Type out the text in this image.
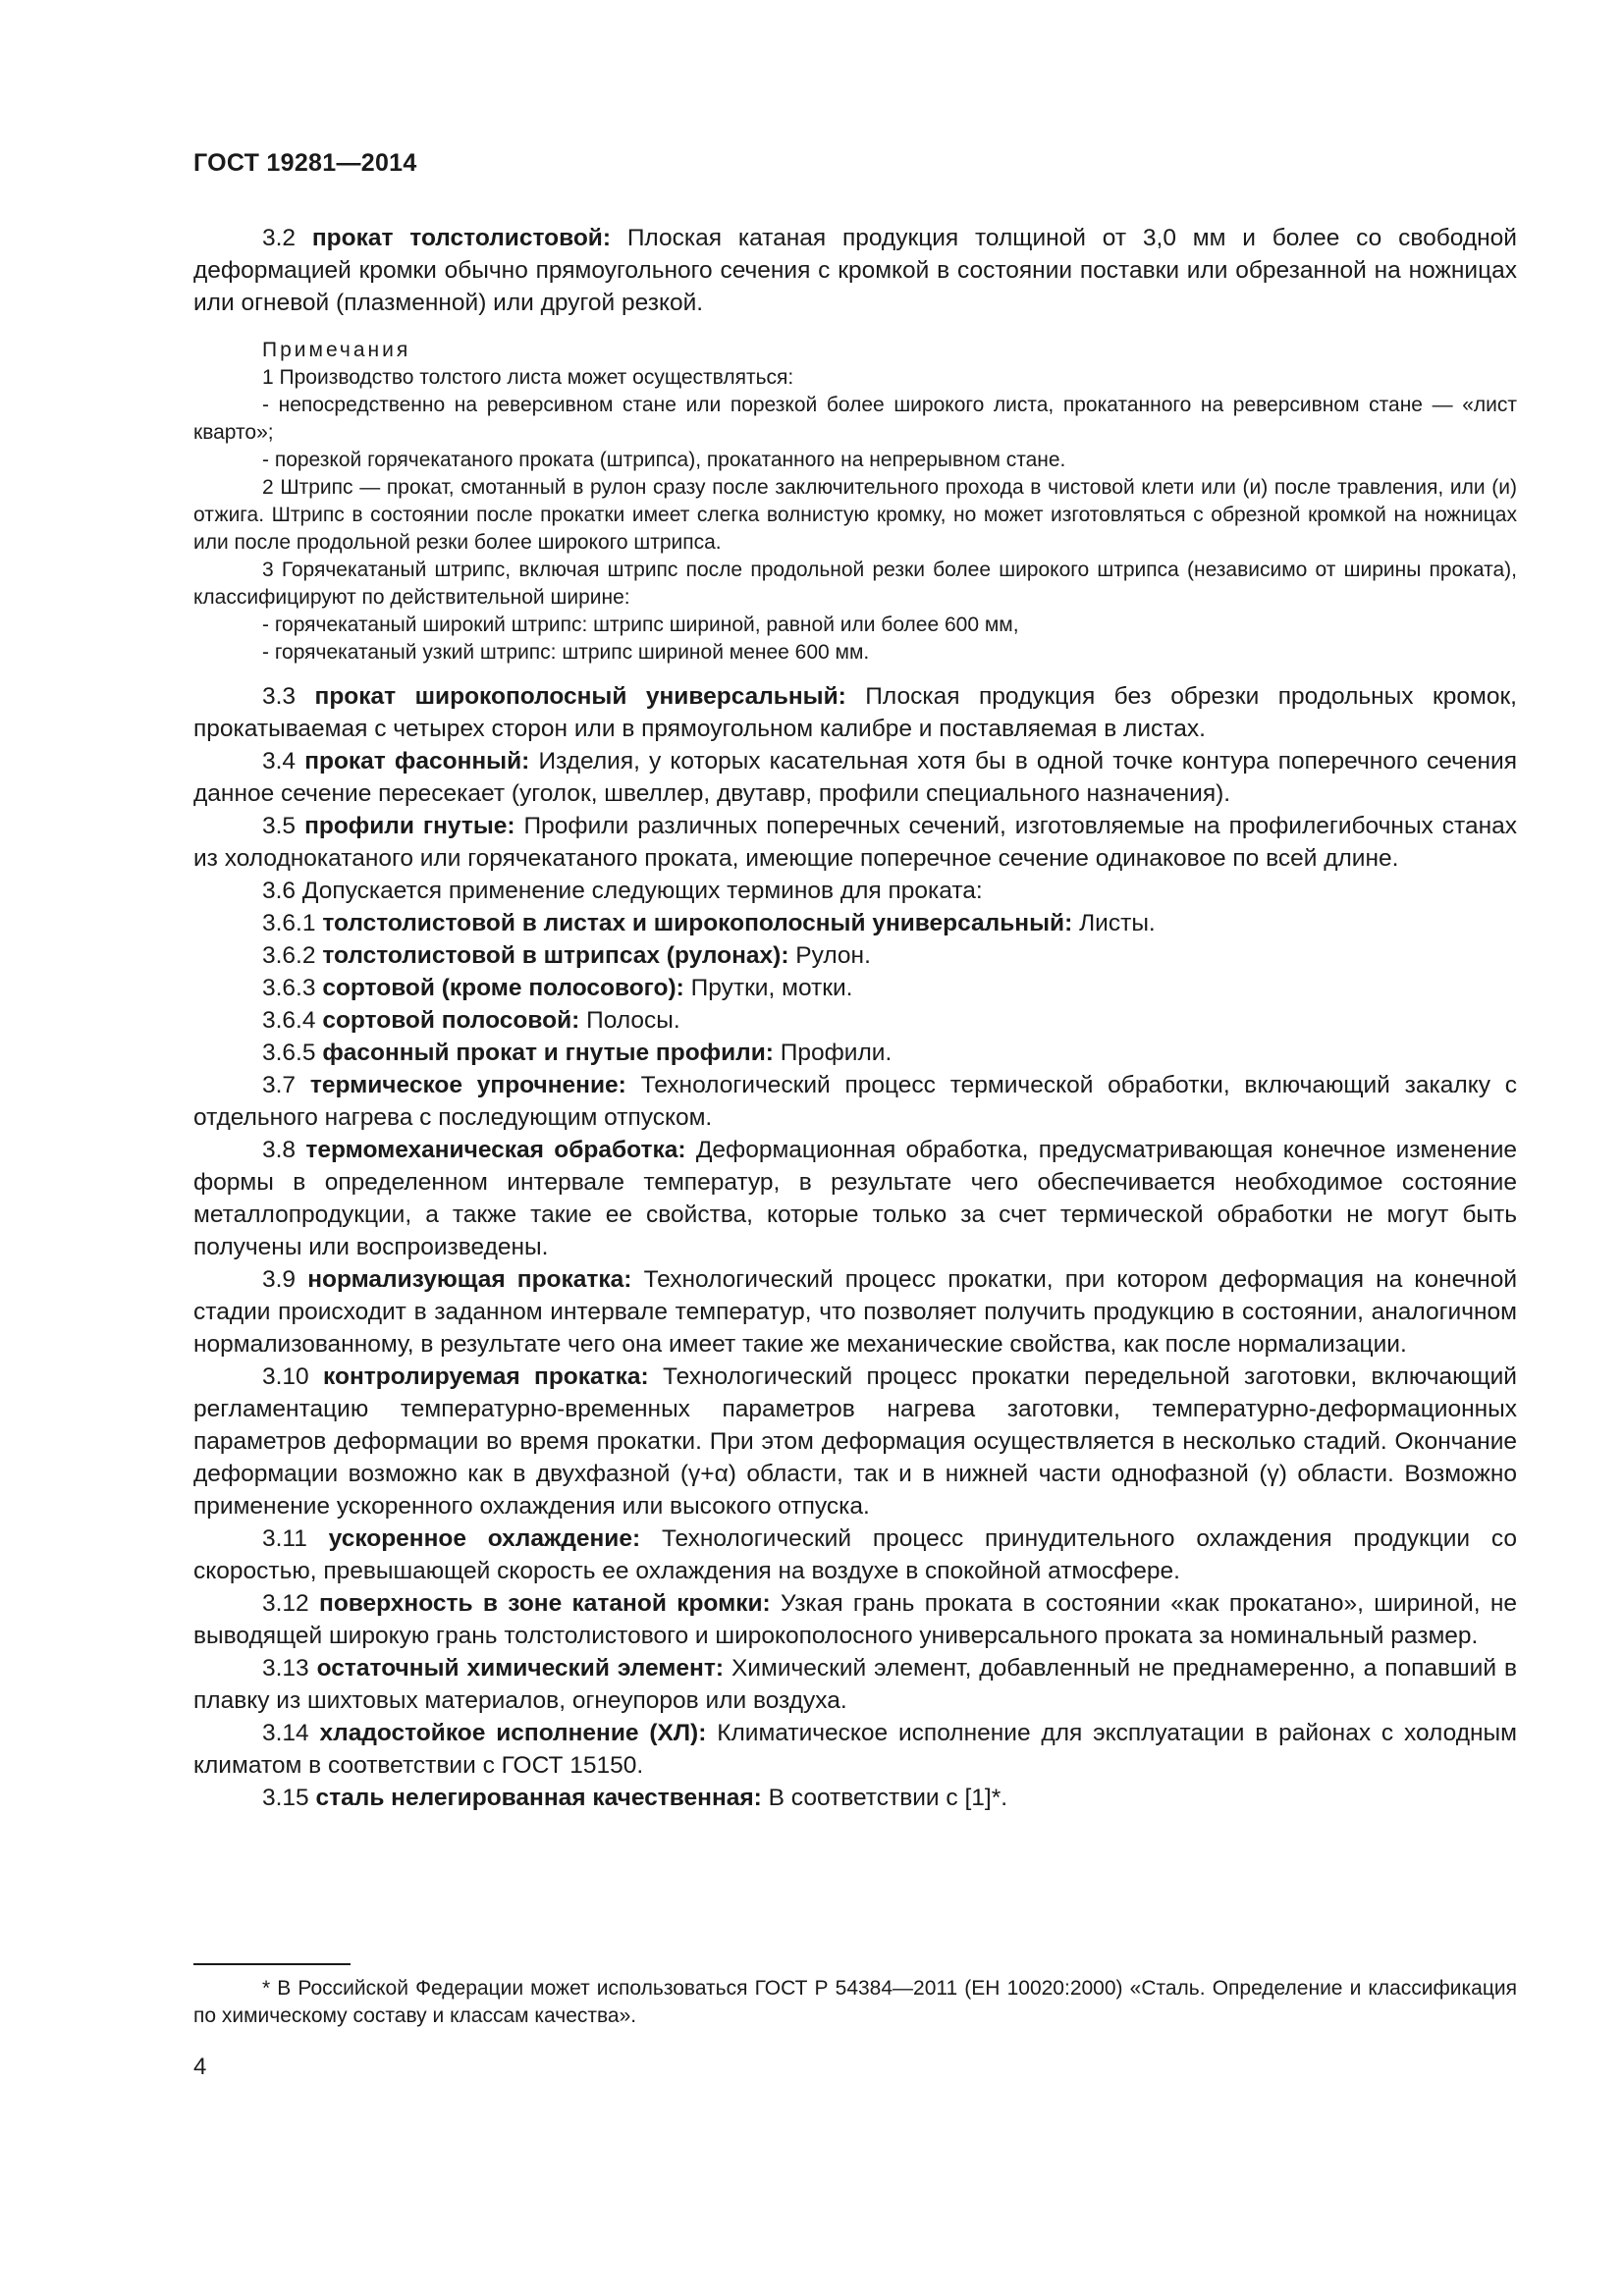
ГОСТ 19281—2014

3.2 прокат толстолистовой: Плоская катаная продукция толщиной от 3,0 мм и более со свободной деформацией кромки обычно прямоугольного сечения с кромкой в состоянии поставки или обрезанной на ножницах или огневой (плазменной) или другой резкой.

Примечания

1 Производство толстого листа может осуществляться:

- непосредственно на реверсивном стане или порезкой более широкого листа, прокатанного на реверсивном стане — «лист кварто»;

- порезкой горячекатаного проката (штрипса), прокатанного на непрерывном стане.

2 Штрипс — прокат, смотанный в рулон сразу после заключительного прохода в чистовой клети или (и) после травления, или (и) отжига. Штрипс в состоянии после прокатки имеет слегка волнистую кромку, но может изготовляться с обрезной кромкой на ножницах или после продольной резки более широкого штрипса.

3 Горячекатаный штрипс, включая штрипс после продольной резки более широкого штрипса (независимо от ширины проката), классифицируют по действительной ширине:

- горячекатаный широкий штрипс: штрипс шириной, равной или более 600 мм,

- горячекатаный узкий штрипс: штрипс шириной менее 600 мм.

3.3 прокат широкополосный универсальный: Плоская продукция без обрезки продольных кромок, прокатываемая с четырех сторон или в прямоугольном калибре и поставляемая в листах.

3.4 прокат фасонный: Изделия, у которых касательная хотя бы в одной точке контура поперечного сечения данное сечение пересекает (уголок, швеллер, двутавр, профили специального назначения).

3.5 профили гнутые: Профили различных поперечных сечений, изготовляемые на профилегибочных станах из холоднокатаного или горячекатаного проката, имеющие поперечное сечение одинаковое по всей длине.

3.6 Допускается применение следующих терминов для проката:

3.6.1 толстолистовой в листах и широкополосный универсальный: Листы.

3.6.2 толстолистовой в штрипсах (рулонах): Рулон.

3.6.3 сортовой (кроме полосового): Прутки, мотки.

3.6.4 сортовой полосовой: Полосы.

3.6.5 фасонный прокат и гнутые профили: Профили.

3.7 термическое упрочнение: Технологический процесс термической обработки, включающий закалку с отдельного нагрева с последующим отпуском.

3.8 термомеханическая обработка: Деформационная обработка, предусматривающая конечное изменение формы в определенном интервале температур, в результате чего обеспечивается необходимое состояние металлопродукции, а также такие ее свойства, которые только за счет термической обработки не могут быть получены или воспроизведены.

3.9 нормализующая прокатка: Технологический процесс прокатки, при котором деформация на конечной стадии происходит в заданном интервале температур, что позволяет получить продукцию в состоянии, аналогичном нормализованному, в результате чего она имеет такие же механические свойства, как после нормализации.

3.10 контролируемая прокатка: Технологический процесс прокатки передельной заготовки, включающий регламентацию температурно-временных параметров нагрева заготовки, температурно-деформационных параметров деформации во время прокатки. При этом деформация осуществляется в несколько стадий. Окончание деформации возможно как в двухфазной (γ+α) области, так и в нижней части однофазной (γ) области. Возможно применение ускоренного охлаждения или высокого отпуска.

3.11 ускоренное охлаждение: Технологический процесс принудительного охлаждения продукции со скоростью, превышающей скорость ее охлаждения на воздухе в спокойной атмосфере.

3.12 поверхность в зоне катаной кромки: Узкая грань проката в состоянии «как прокатано», шириной, не выводящей широкую грань толстолистового и широкополосного универсального проката за номинальный размер.

3.13 остаточный химический элемент: Химический элемент, добавленный не преднамеренно, а попавший в плавку из шихтовых материалов, огнеупоров или воздуха.

3.14 хладостойкое исполнение (ХЛ): Климатическое исполнение для эксплуатации в районах с холодным климатом в соответствии с ГОСТ 15150.

3.15 сталь нелегированная качественная: В соответствии с [1]*.

* В Российской Федерации может использоваться ГОСТ Р 54384—2011 (ЕН 10020:2000) «Сталь. Определение и классификация по химическому составу и классам качества».
4
